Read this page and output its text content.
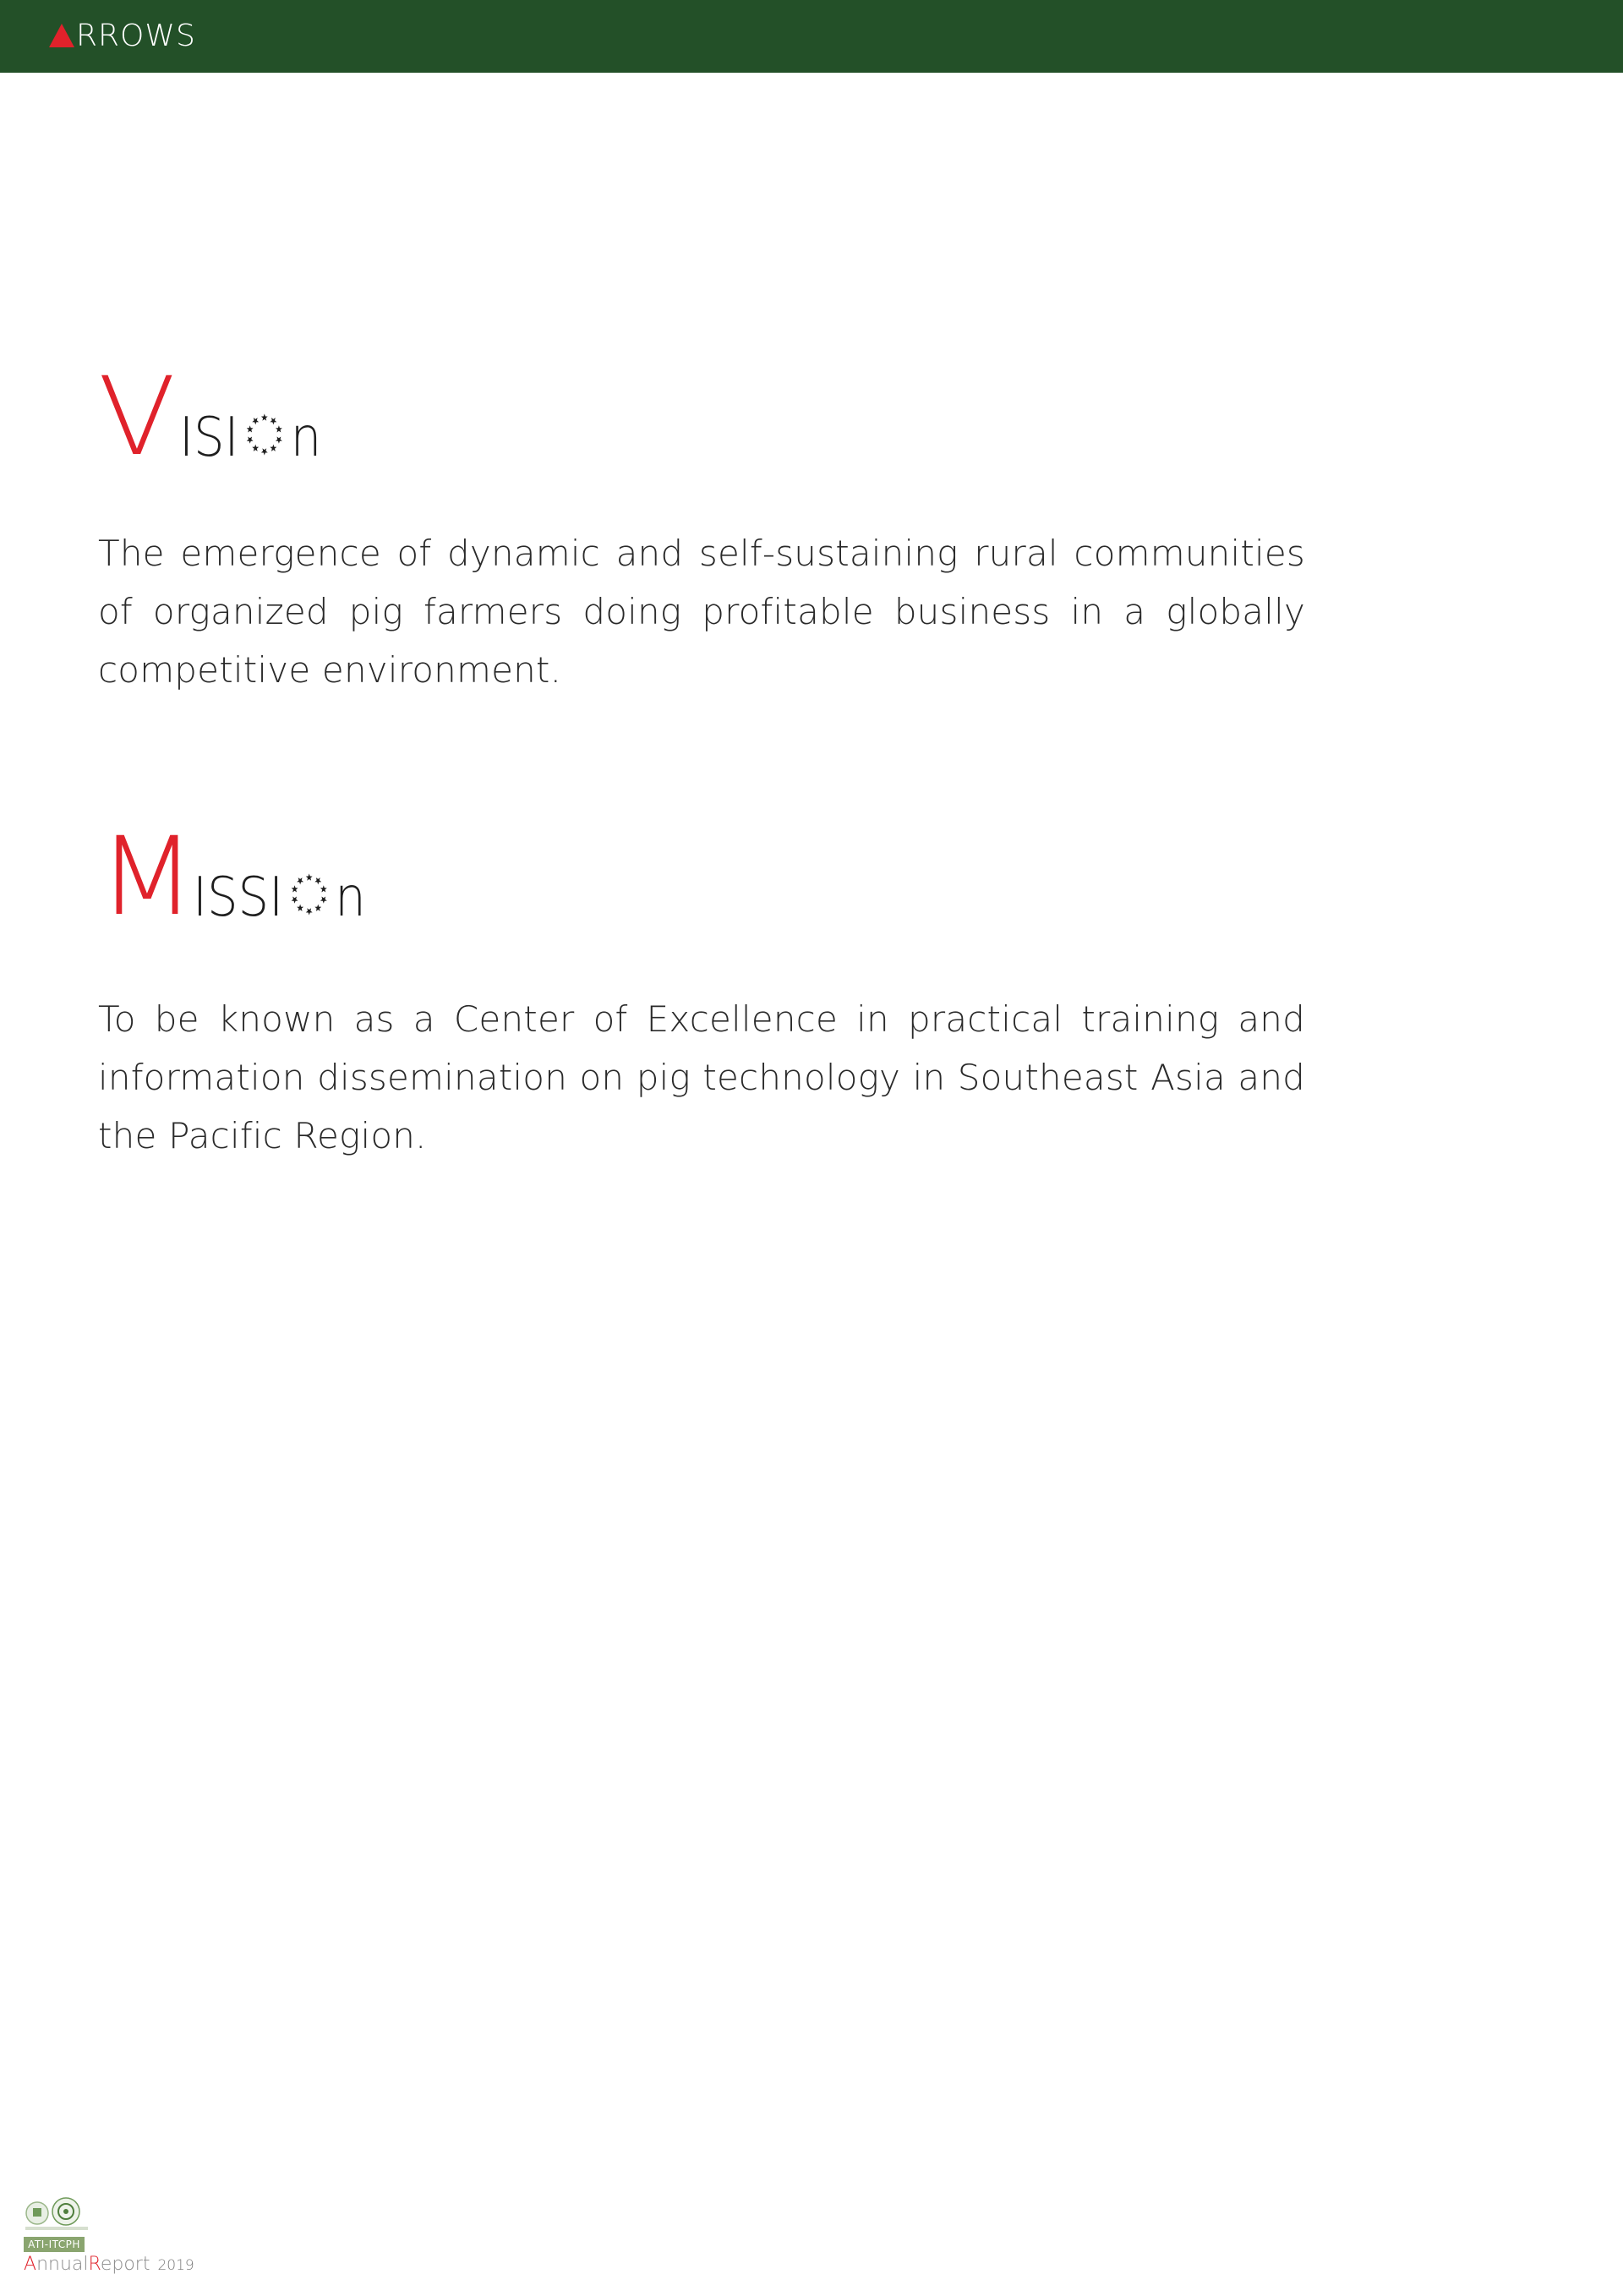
RROWS
V ISI n

The emergence of dynamic and self-sustaining rural communities of organized pig farmers doing profitable business in a globally competitive environment.

M
ISSI n

To be known as a Center of Excellence in practical training and information dissemination on pig technology in Southeast Asia and the Pacific Region.

ATI-ITCPH
AnnualReport 2019
